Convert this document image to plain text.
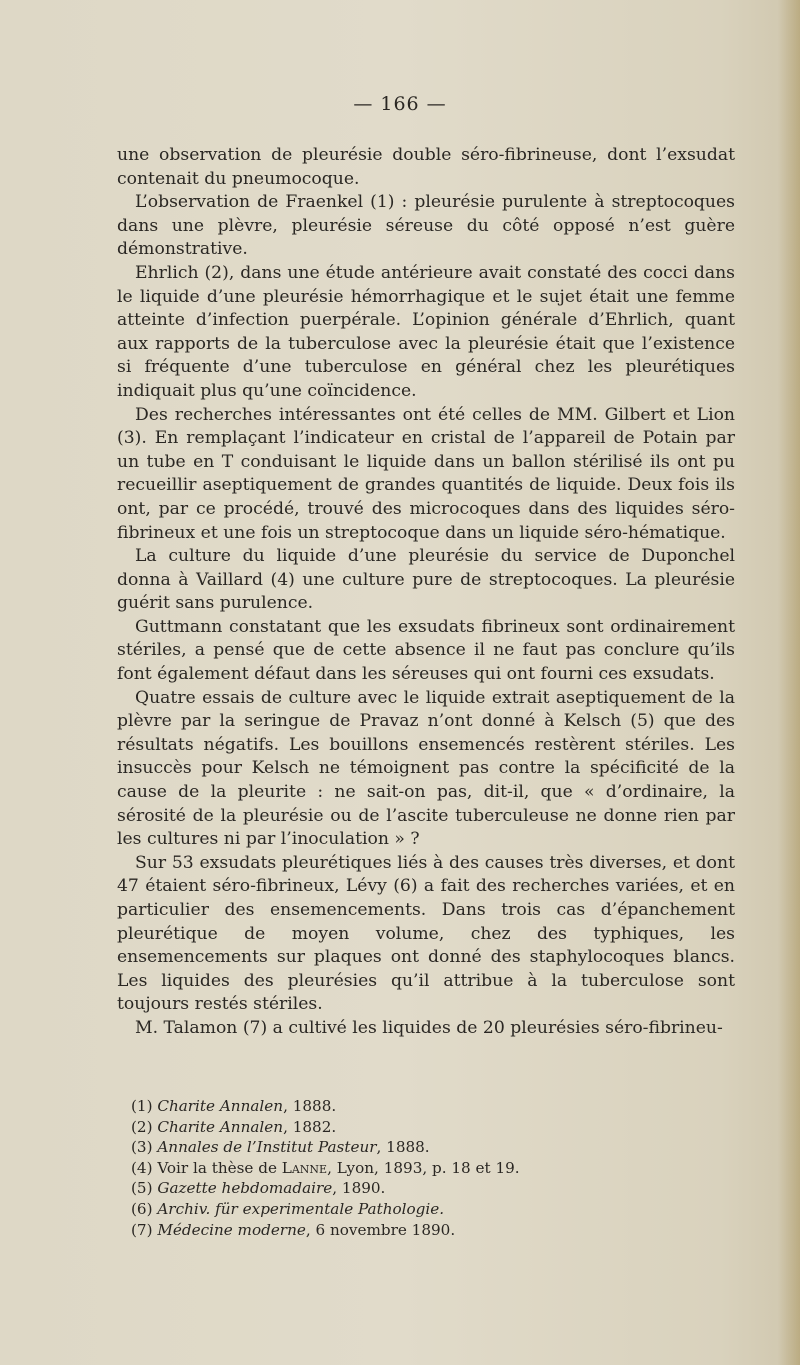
— 166 —

une observation de pleurésie double séro-fibrineuse, dont l’exsudat contenait du pneumocoque.

L’observation de Fraenkel (1) : pleurésie purulente à streptocoques dans une plèvre, pleurésie séreuse du côté opposé n’est guère démonstrative.

Ehrlich (2), dans une étude antérieure avait constaté des cocci dans le liquide d’une pleurésie hémorrhagique et le sujet était une femme atteinte d’infection puerpérale. L’opinion générale d’Ehrlich, quant aux rapports de la tuberculose avec la pleurésie était que l’existence si fréquente d’une tuberculose en général chez les pleurétiques indiquait plus qu’une coïncidence.

Des recherches intéressantes ont été celles de MM. Gilbert et Lion (3). En remplaçant l’indicateur en cristal de l’appareil de Potain par un tube en T conduisant le liquide dans un ballon stérilisé ils ont pu recueillir aseptiquement de grandes quantités de liquide. Deux fois ils ont, par ce procédé, trouvé des microcoques dans des liquides séro-fibrineux et une fois un streptocoque dans un liquide séro-hématique.

La culture du liquide d’une pleurésie du service de Duponchel donna à Vaillard (4) une culture pure de streptocoques. La pleurésie guérit sans purulence.

Guttmann constatant que les exsudats fibrineux sont ordinairement stériles, a pensé que de cette absence il ne faut pas conclure qu’ils font également défaut dans les séreuses qui ont fourni ces exsudats.

Quatre essais de culture avec le liquide extrait aseptiquement de la plèvre par la seringue de Pravaz n’ont donné à Kelsch (5) que des résultats négatifs. Les bouillons ensemencés restèrent stériles. Les insuccès pour Kelsch ne témoignent pas contre la spécificité de la cause de la pleurite : ne sait-on pas, dit-il, que « d’ordinaire, la sérosité de la pleurésie ou de l’ascite tuberculeuse ne donne rien par les cultures ni par l’inoculation » ?

Sur 53 exsudats pleurétiques liés à des causes très diverses, et dont 47 étaient séro-fibrineux, Lévy (6) a fait des recherches variées, et en particulier des ensemencements. Dans trois cas d’épanchement pleurétique de moyen volume, chez des typhiques, les ensemencements sur plaques ont donné des staphylocoques blancs. Les liquides des pleurésies qu’il attribue à la tuberculose sont toujours restés stériles.

M. Talamon (7) a cultivé les liquides de 20 pleurésies séro-fibrineu-

(1) Charite Annalen, 1888.
(2) Charite Annalen, 1882.
(3) Annales de l’Institut Pasteur, 1888.
(4) Voir la thèse de Lanne, Lyon, 1893, p. 18 et 19.
(5) Gazette hebdomadaire, 1890.
(6) Archiv. für experimentale Pathologie.
(7) Médecine moderne, 6 novembre 1890.
